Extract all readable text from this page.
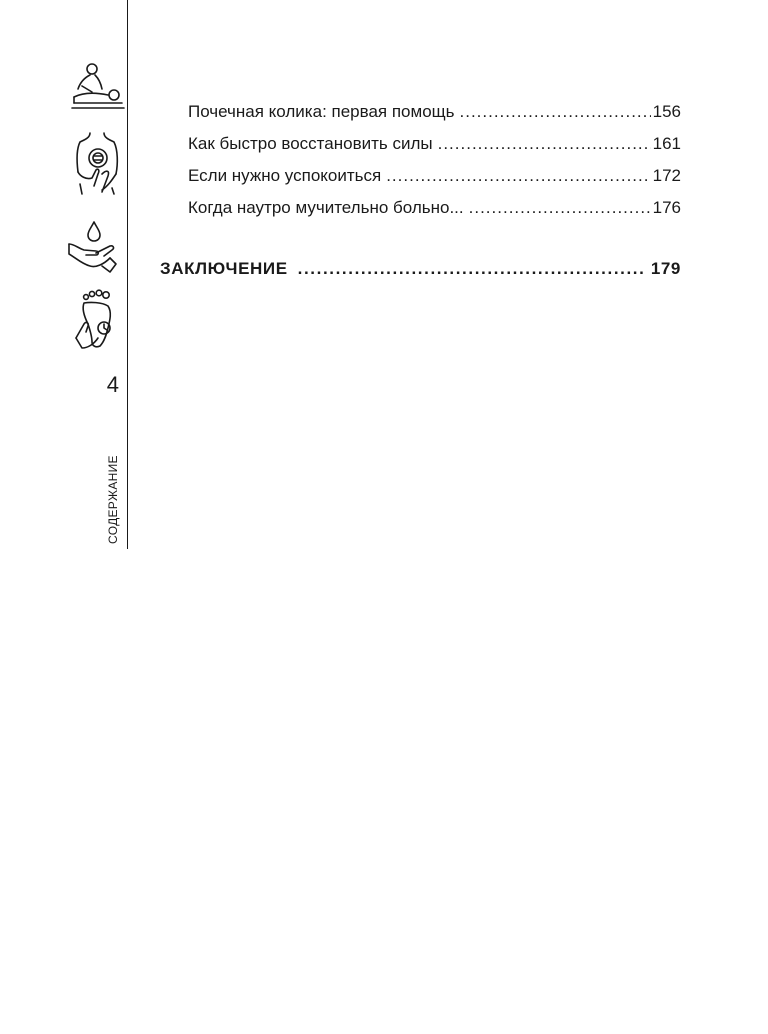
4
СОДЕРЖАНИЕ
Почечная колика: первая помощь .....	156
Как быстро восстановить силы .....	161
Если нужно успокоиться .....	172
Когда наутро мучительно больно... .....	176
ЗАКЛЮЧЕНИЕ .....	179
